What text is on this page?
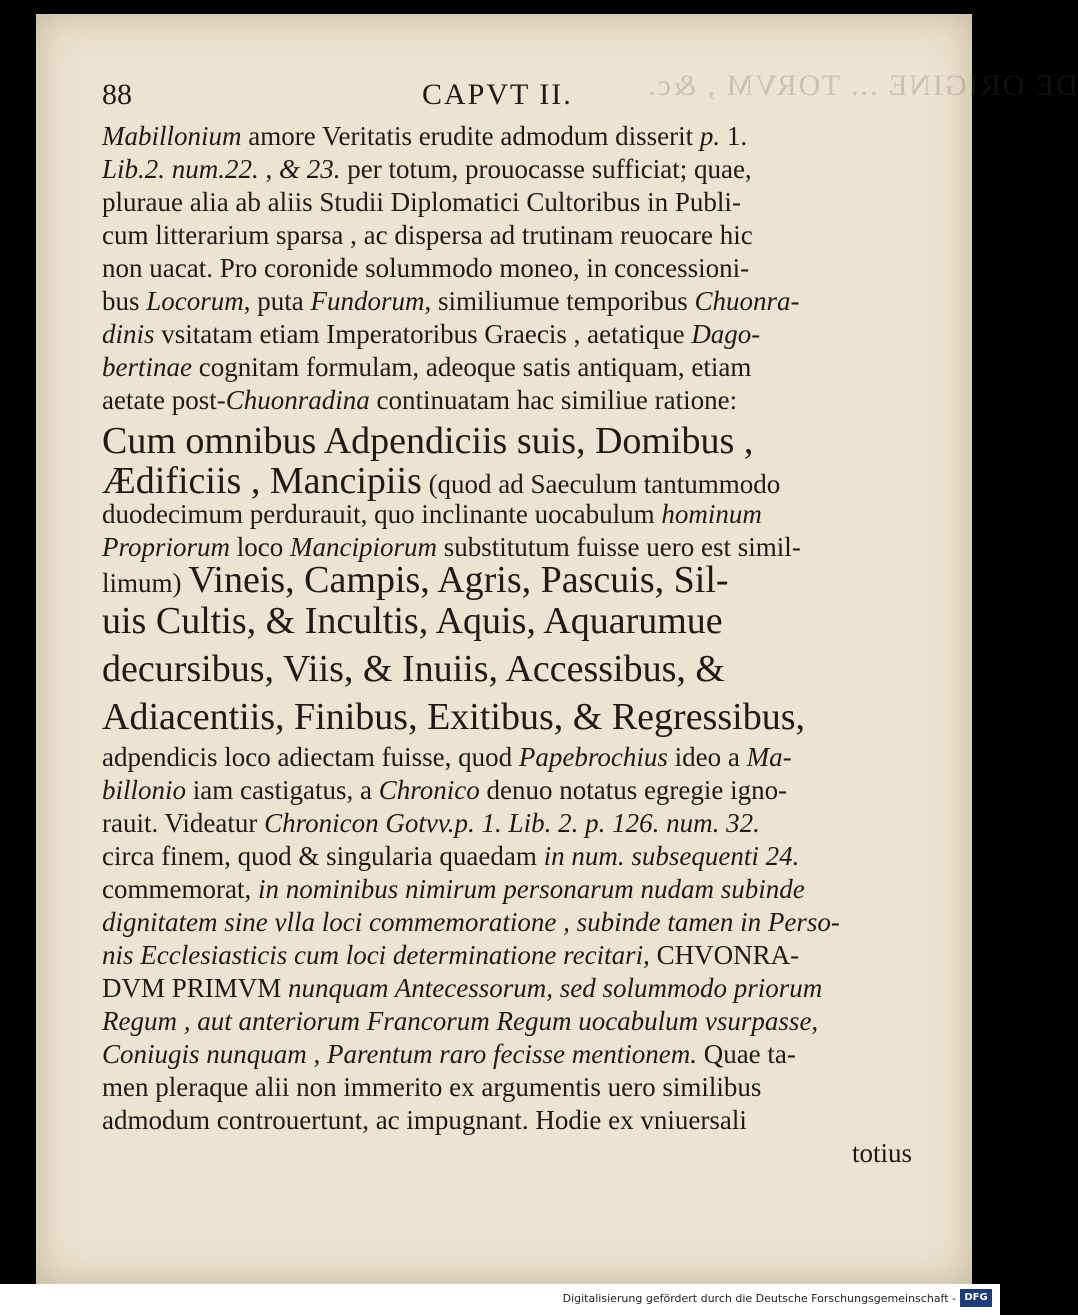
DE ORIGINE ... TORVM , &c.
88	CAPVT II.
Mabillonium amore Veritatis erudite admodum disserit p. 1.
Lib.2. num.22. , & 23. per totum, prouocasse sufficiat; quae,
pluraue alia ab aliis Studii Diplomatici Cultoribus in Publi-
cum litterarium sparsa , ac dispersa ad trutinam reuocare hic
non uacat. Pro coronide solummodo moneo, in concessioni-
bus Locorum, puta Fundorum, similiumue temporibus Chuonra-
dinis vsitatam etiam Imperatoribus Graecis , aetatique Dago-
bertinae cognitam formulam, adeoque satis antiquam, etiam
aetate post-Chuonradina continuatam hac similiue ratione:
Cum omnibus Adpendiciis suis, Domibus ,
Ædificiis , Mancipiis (quod ad Saeculum tantummodo
duodecimum perdurauit, quo inclinante uocabulum hominum
Propriorum loco Mancipiorum substitutum fuisse uero est simil-
limum) Vineis, Campis, Agris, Pascuis, Sil-
uis Cultis, & Incultis, Aquis, Aquarumue
decursibus, Viis, & Inuiis, Accessibus, &
Adiacentiis, Finibus, Exitibus, & Regressibus,
adpendicis loco adiectam fuisse, quod Papebrochius ideo a Ma-
billonio iam castigatus, a Chronico denuo notatus egregie igno-
rauit. Videatur Chronicon Gotvv.p. 1. Lib. 2. p. 126. num. 32.
circa finem, quod & singularia quaedam in num. subsequenti 24.
commemorat, in nominibus nimirum personarum nudam subinde
dignitatem sine vlla loci commemoratione , subinde tamen in Perso-
nis Ecclesiasticis cum loci determinatione recitari, CHVONRA-
DVM PRIMVM nunquam Antecessorum, sed solummodo priorum
Regum , aut anteriorum Francorum Regum uocabulum vsurpasse,
Coniugis nunquam , Parentum raro fecisse mentionem. Quae ta-
men pleraque alii non immerito ex argumentis uero similibus
admodum controuertunt, ac impugnant. Hodie ex vniuersali
totius
Digitalisierung gefördert durch die Deutsche Forschungsgemeinschaft - DFG
